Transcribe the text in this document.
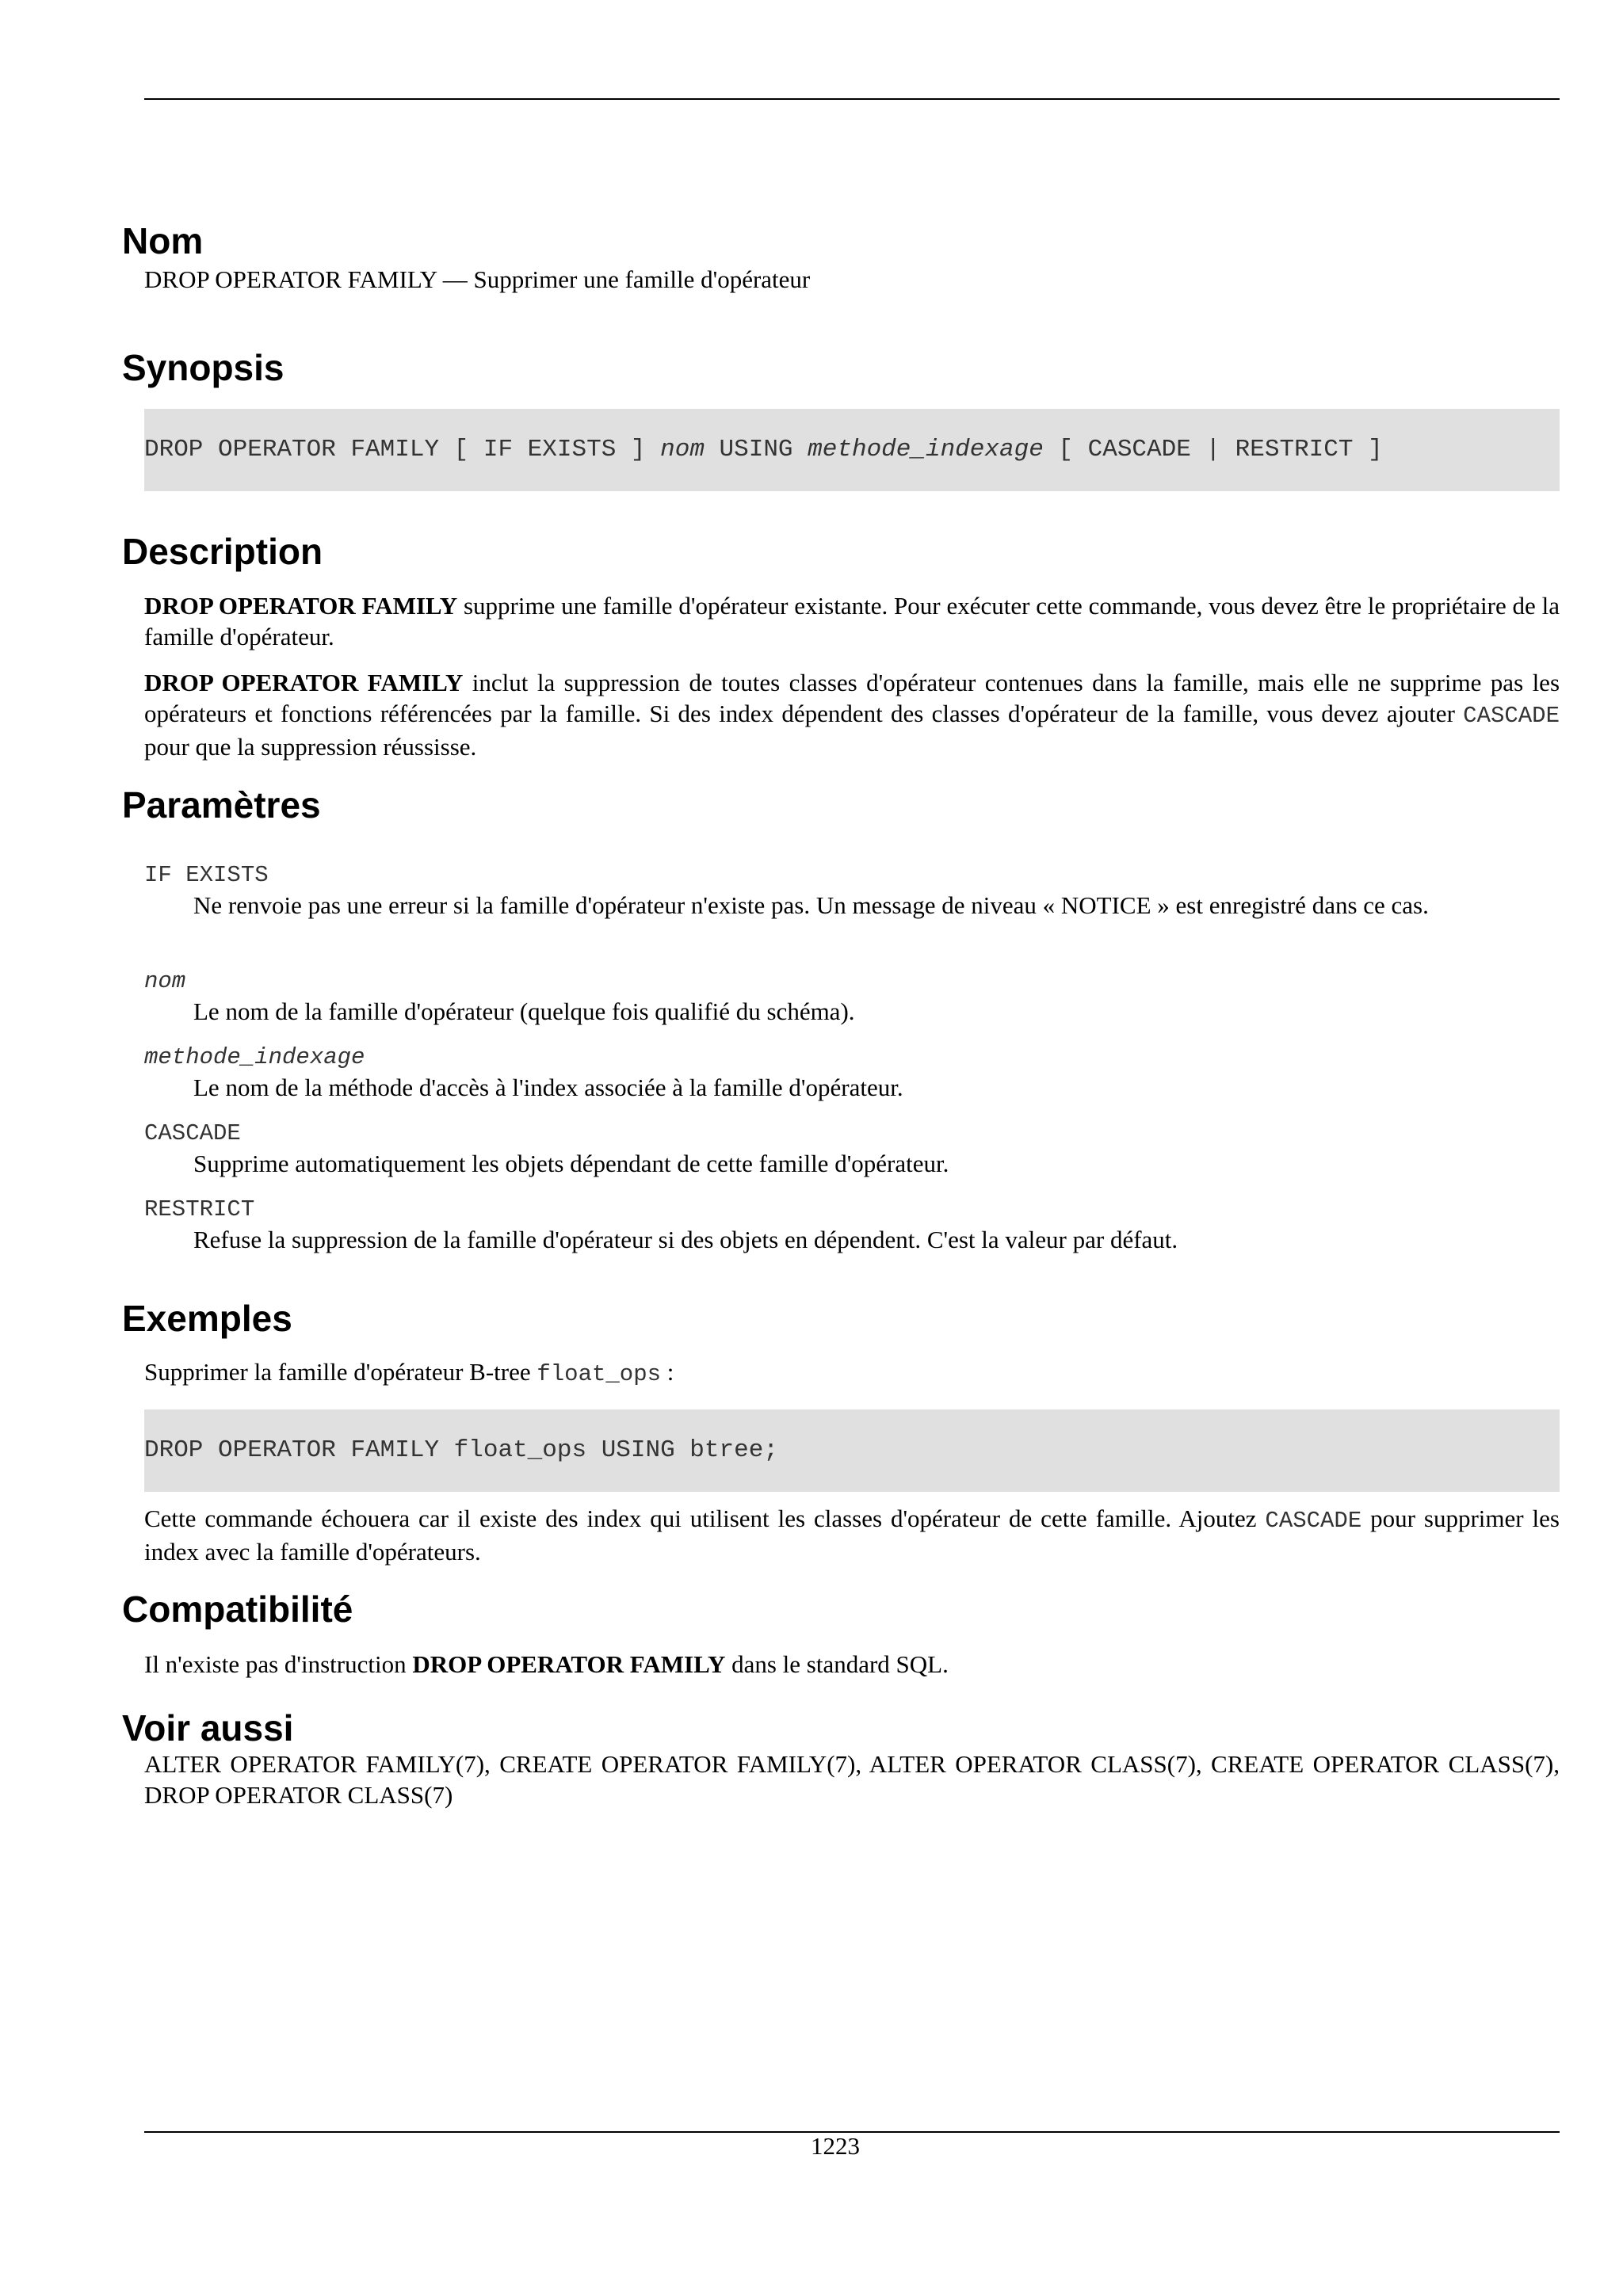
Nom

DROP OPERATOR FAMILY — Supprimer une famille d'opérateur

Synopsis
DROP OPERATOR FAMILY [ IF EXISTS ] nom USING methode_indexage [ CASCADE | RESTRICT ]
Description

DROP OPERATOR FAMILY supprime une famille d'opérateur existante. Pour exécuter cette commande, vous devez être le propriétaire de la famille d'opérateur.

DROP OPERATOR FAMILY inclut la suppression de toutes classes d'opérateur contenues dans la famille, mais elle ne supprime pas les opérateurs et fonctions référencées par la famille. Si des index dépendent des classes d'opérateur de la famille, vous devez ajouter CASCADE pour que la suppression réussisse.

Paramètres
IF EXISTS

Ne renvoie pas une erreur si la famille d'opérateur n'existe pas. Un message de niveau « NOTICE » est enregistré dans ce cas.

nom

Le nom de la famille d'opérateur (quelque fois qualifié du schéma).

methode_indexage

Le nom de la méthode d'accès à l'index associée à la famille d'opérateur.

CASCADE

Supprime automatiquement les objets dépendant de cette famille d'opérateur.

RESTRICT

Refuse la suppression de la famille d'opérateur si des objets en dépendent. C'est la valeur par défaut.

Exemples

Supprimer la famille d'opérateur B-tree float_ops :

DROP OPERATOR FAMILY float_ops USING btree;

Cette commande échouera car il existe des index qui utilisent les classes d'opérateur de cette famille. Ajoutez CASCADE pour supprimer les index avec la famille d'opérateurs.

Compatibilité

Il n'existe pas d'instruction DROP OPERATOR FAMILY dans le standard SQL.

Voir aussi

ALTER OPERATOR FAMILY(7), CREATE OPERATOR FAMILY(7), ALTER OPERATOR CLASS(7), CREATE OPERATOR CLASS(7), DROP OPERATOR CLASS(7)

1223
